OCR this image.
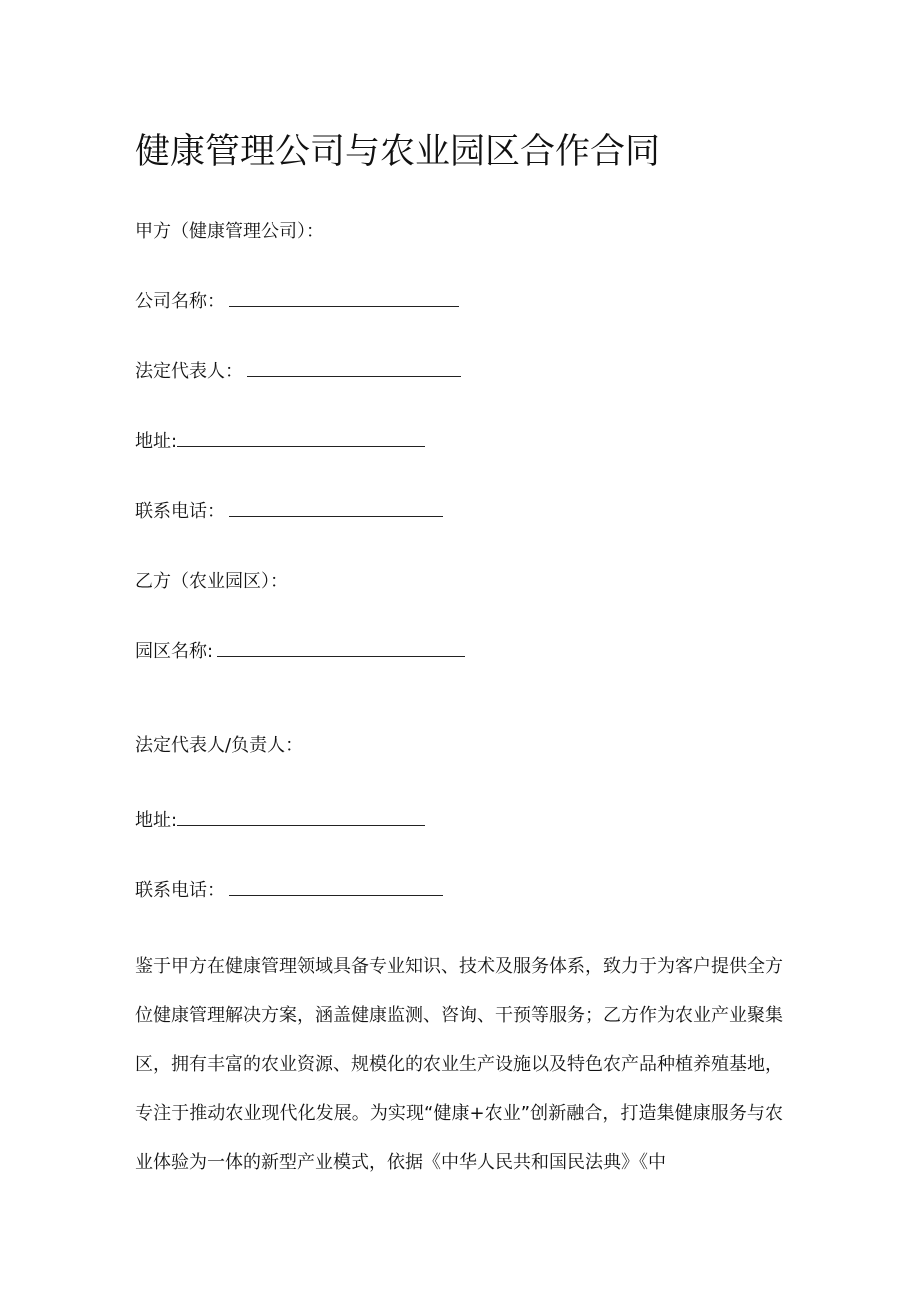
健康管理公司与农业园区合作合同
甲方（健康管理公司）：
公司名称：
法定代表人：
地址:
联系电话：
乙方（农业园区）：
园区名称:
法定代表人/负责人：
地址:
联系电话：
鉴于甲方在健康管理领域具备专业知识、技术及服务体系，致力于为客户提供全方位健康管理解决方案，涵盖健康监测、咨询、干预等服务；乙方作为农业产业聚集区，拥有丰富的农业资源、规模化的农业生产设施以及特色农产品种植养殖基地，专注于推动农业现代化发展。为实现“健康+农业”创新融合，打造集健康服务与农业体验为一体的新型产业模式，依据《中华人民共和国民法典》《中
